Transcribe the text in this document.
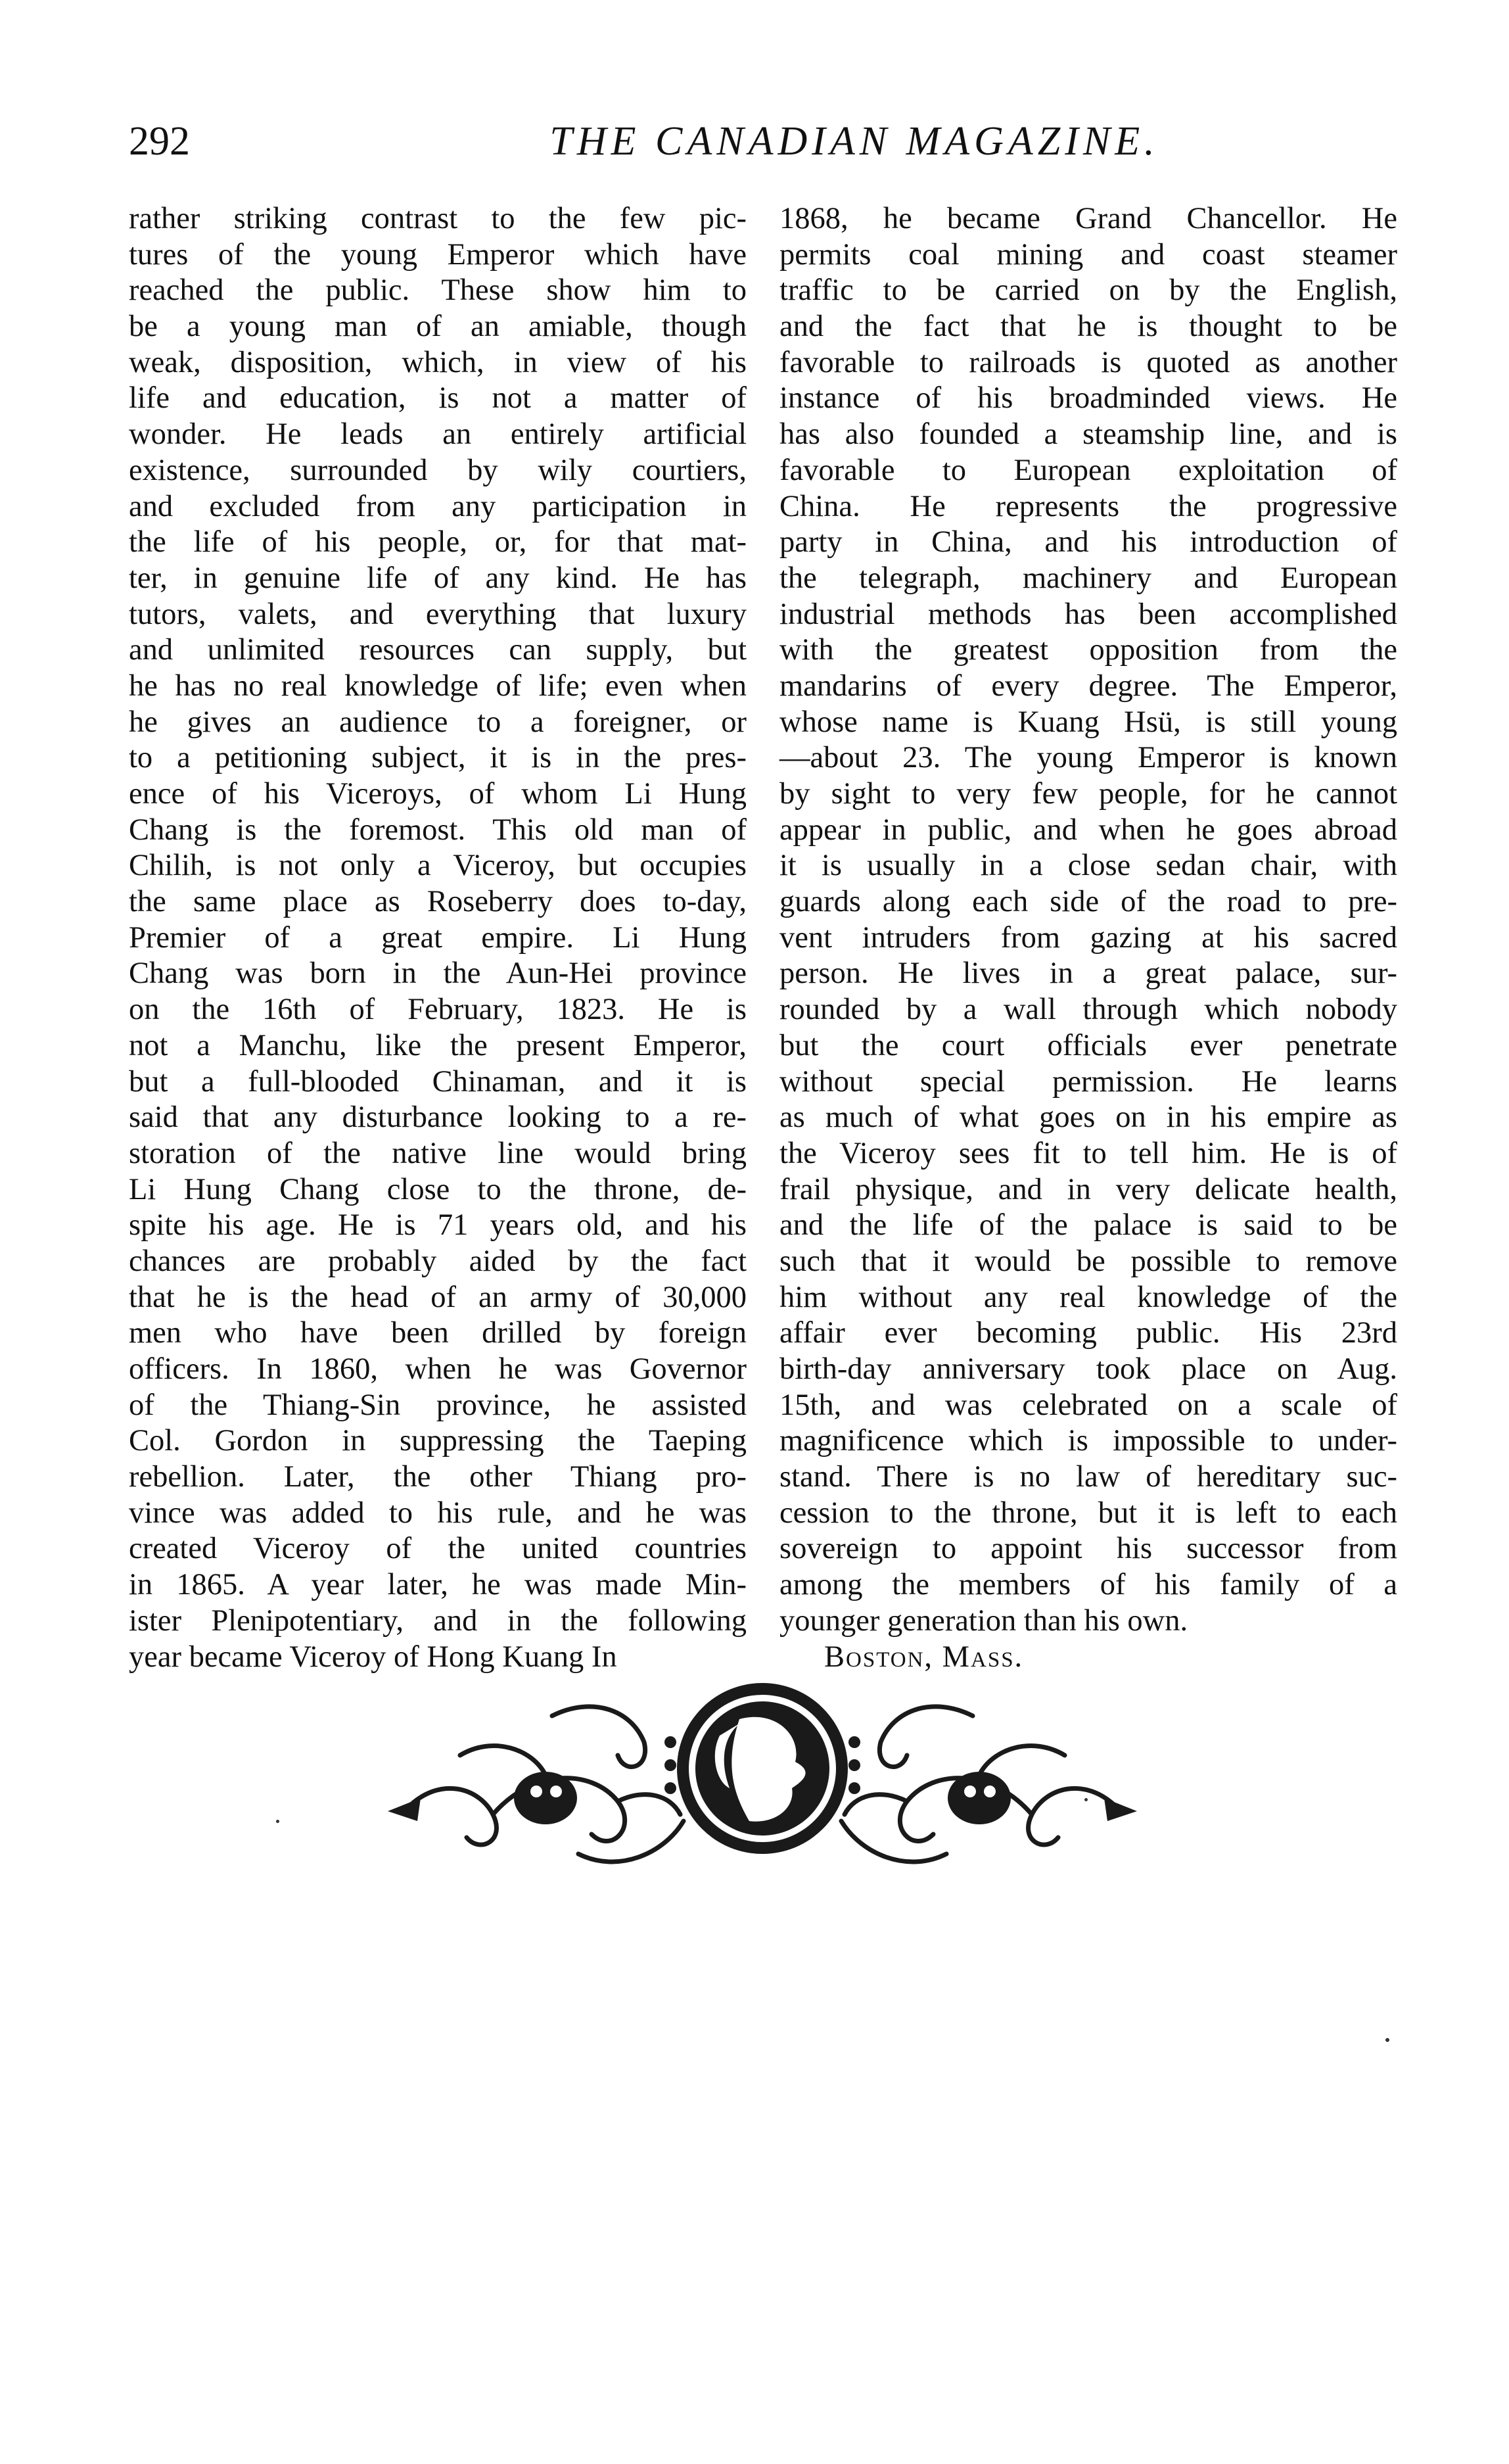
292	THE CANADIAN MAGAZINE.
rather striking contrast to the few pic-
tures of the young Emperor which have
reached the public. These show him to
be a young man of an amiable, though
weak, disposition, which, in view of his
life and education, is not a matter of
wonder. He leads an entirely artificial
existence, surrounded by wily courtiers,
and excluded from any participation in
the life of his people, or, for that mat-
ter, in genuine life of any kind. He has
tutors, valets, and everything that luxury
and unlimited resources can supply, but
he has no real knowledge of life; even when
he gives an audience to a foreigner, or
to a petitioning subject, it is in the pres-
ence of his Viceroys, of whom Li Hung
Chang is the foremost. This old man of
Chilih, is not only a Viceroy, but occupies
the same place as Roseberry does to-day,
Premier of a great empire. Li Hung
Chang was born in the Aun-Hei province
on the 16th of February, 1823. He is
not a Manchu, like the present Emperor,
but a full-blooded Chinaman, and it is
said that any disturbance looking to a re-
storation of the native line would bring
Li Hung Chang close to the throne, de-
spite his age. He is 71 years old, and his
chances are probably aided by the fact
that he is the head of an army of 30,000
men who have been drilled by foreign
officers. In 1860, when he was Governor
of the Thiang-Sin province, he assisted
Col. Gordon in suppressing the Taeping
rebellion. Later, the other Thiang pro-
vince was added to his rule, and he was
created Viceroy of the united countries
in 1865. A year later, he was made Min-
ister Plenipotentiary, and in the following
year became Viceroy of Hong Kuang In
1868, he became Grand Chancellor. He
permits coal mining and coast steamer
traffic to be carried on by the English,
and the fact that he is thought to be
favorable to railroads is quoted as another
instance of his broadminded views. He
has also founded a steamship line, and is
favorable to European exploitation of
China. He represents the progressive
party in China, and his introduction of
the telegraph, machinery and European
industrial methods has been accomplished
with the greatest opposition from the
mandarins of every degree. The Emperor,
whose name is Kuang Hsü, is still young
—about 23. The young Emperor is known
by sight to very few people, for he cannot
appear in public, and when he goes abroad
it is usually in a close sedan chair, with
guards along each side of the road to pre-
vent intruders from gazing at his sacred
person. He lives in a great palace, sur-
rounded by a wall through which nobody
but the court officials ever penetrate
without special permission. He learns
as much of what goes on in his empire as
the Viceroy sees fit to tell him. He is of
frail physique, and in very delicate health,
and the life of the palace is said to be
such that it would be possible to remove
him without any real knowledge of the
affair ever becoming public. His 23rd
birth-day anniversary took place on Aug.
15th, and was celebrated on a scale of
magnificence which is impossible to under-
stand. There is no law of hereditary suc-
cession to the throne, but it is left to each
sovereign to appoint his successor from
among the members of his family of a
younger generation than his own.
Boston, Mass.
